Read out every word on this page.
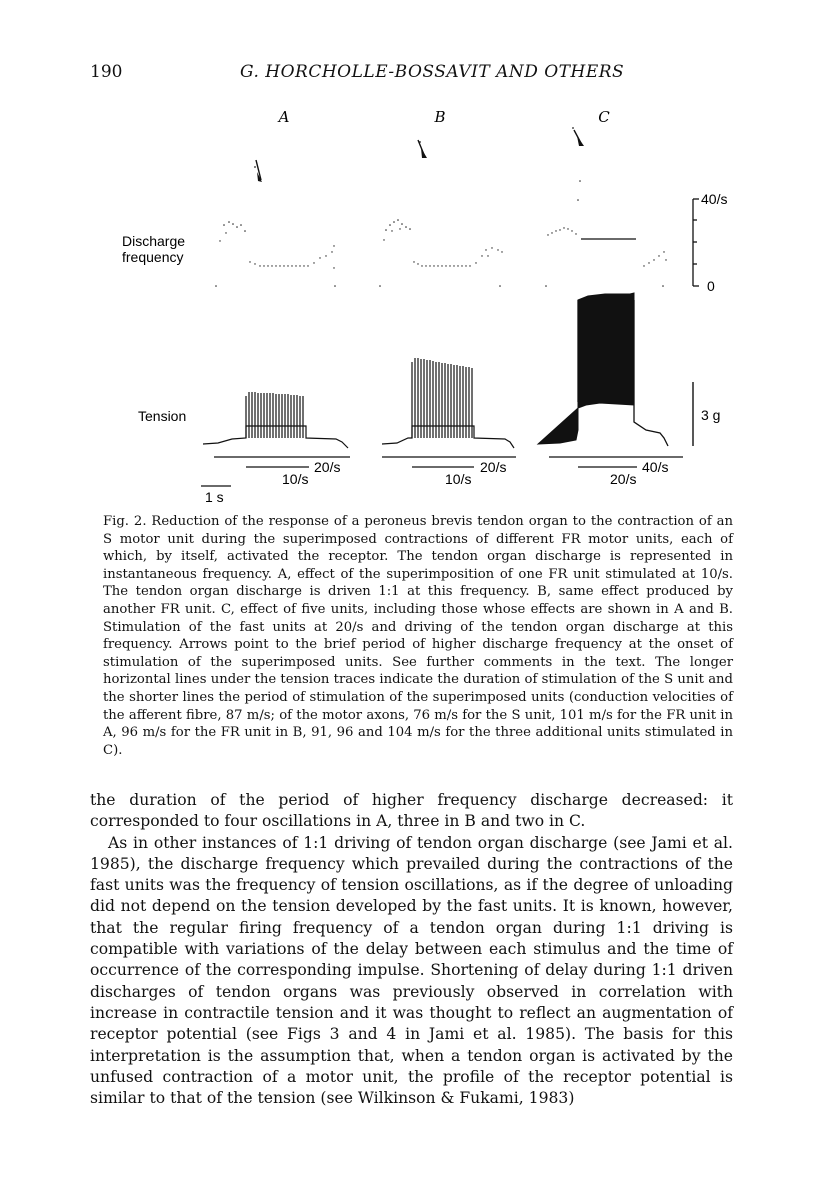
190	G. HORCHOLLE-BOSSAVIT AND OTHERS
A	B	C
Discharge
frequency
Tension
40/s
0
3 g
20/s
10/s
20/s
10/s
40/s
20/s
1 s
Fig. 2. Reduction of the response of a peroneus brevis tendon organ to the contraction of an S motor unit during the superimposed contractions of different FR motor units, each of which, by itself, activated the receptor. The tendon organ discharge is represented in instantaneous frequency. A, effect of the superimposition of one FR unit stimulated at 10/s. The tendon organ discharge is driven 1:1 at this frequency. B, same effect produced by another FR unit. C, effect of five units, including those whose effects are shown in A and B. Stimulation of the fast units at 20/s and driving of the tendon organ discharge at this frequency. Arrows point to the brief period of higher discharge frequency at the onset of stimulation of the superimposed units. See further comments in the text. The longer horizontal lines under the tension traces indicate the duration of stimulation of the S unit and the shorter lines the period of stimulation of the superimposed units (conduction velocities of the afferent fibre, 87 m/s; of the motor axons, 76 m/s for the S unit, 101 m/s for the FR unit in A, 96 m/s for the FR unit in B, 91, 96 and 104 m/s for the three additional units stimulated in C).

the duration of the period of higher frequency discharge decreased: it corresponded to four oscillations in A, three in B and two in C.

As in other instances of 1:1 driving of tendon organ discharge (see Jami et al. 1985), the discharge frequency which prevailed during the contractions of the fast units was the frequency of tension oscillations, as if the degree of unloading did not depend on the tension developed by the fast units. It is known, however, that the regular firing frequency of a tendon organ during 1:1 driving is compatible with variations of the delay between each stimulus and the time of occurrence of the corresponding impulse. Shortening of delay during 1:1 driven discharges of tendon organs was previously observed in correlation with increase in contractile tension and it was thought to reflect an augmentation of receptor potential (see Figs 3 and 4 in Jami et al. 1985). The basis for this interpretation is the assumption that, when a tendon organ is activated by the unfused contraction of a motor unit, the profile of the receptor potential is similar to that of the tension (see Wilkinson & Fukami, 1983)
